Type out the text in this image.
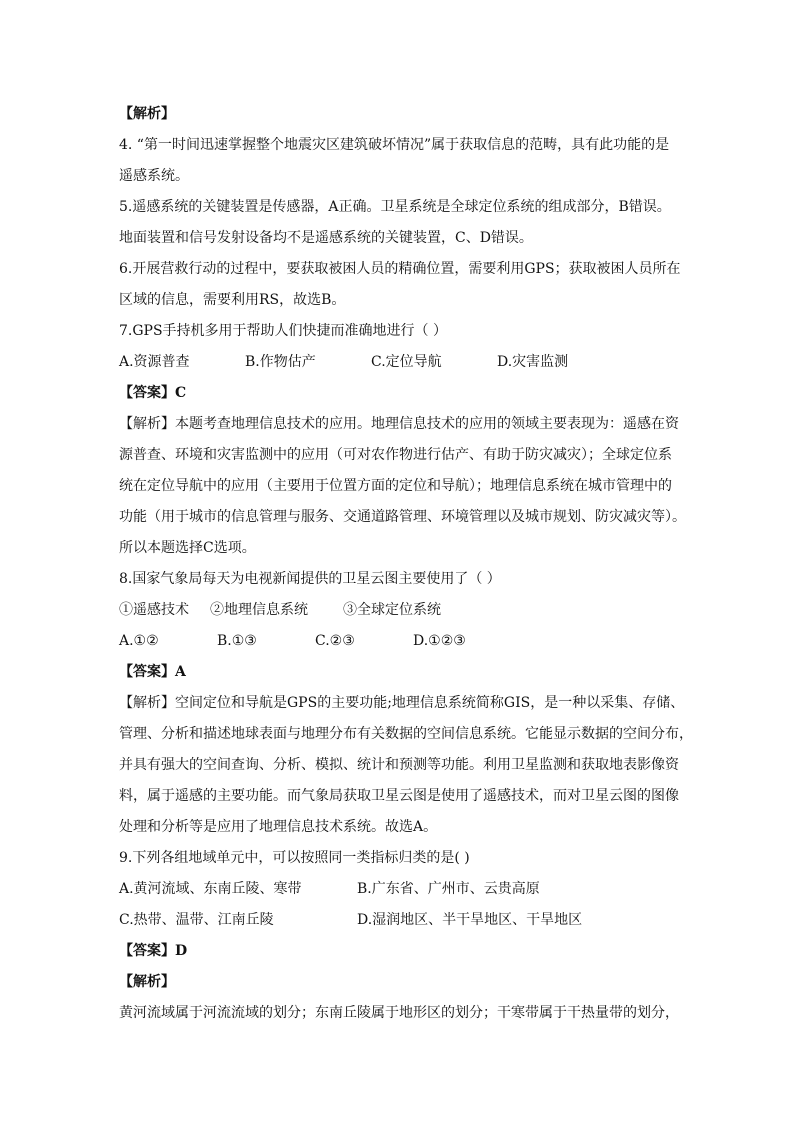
【解析】
4. “第一时间迅速掌握整个地震灾区建筑破坏情况”属于获取信息的范畴，具有此功能的是
遥感系统。
5.遥感系统的关键装置是传感器，A正确。卫星系统是全球定位系统的组成部分，B错误。
地面装置和信号发射设备均不是遥感系统的关键装置，C、D错误。
6.开展营救行动的过程中，要获取被困人员的精确位置，需要利用GPS；获取被困人员所在
区域的信息，需要利用RS，故选B。
7.GPS手持机多用于帮助人们快捷而准确地进行（ ）
A.资源普查	B.作物估产	C.定位导航	D.灾害监测
【答案】C
【解析】本题考查地理信息技术的应用。地理信息技术的应用的领域主要表现为：遥感在资
源普查、环境和灾害监测中的应用（可对农作物进行估产、有助于防灾减灾）；全球定位系
统在定位导航中的应用（主要用于位置方面的定位和导航）；地理信息系统在城市管理中的
功能（用于城市的信息管理与服务、交通道路管理、环境管理以及城市规划、防灾减灾等）。
所以本题选择C选项。
8.国家气象局每天为电视新闻提供的卫星云图主要使用了（ ）
①遥感技术 ②地理信息系统	③全球定位系统
A.①②	B.①③	C.②③	D.①②③
【答案】A
【解析】空间定位和导航是GPS的主要功能;地理信息系统简称GIS，是一种以采集、存储、
管理、分析和描述地球表面与地理分布有关数据的空间信息系统。它能显示数据的空间分布，
并具有强大的空间查询、分析、模拟、统计和预测等功能。利用卫星监测和获取地表影像资
料，属于遥感的主要功能。而气象局获取卫星云图是使用了遥感技术，而对卫星云图的图像
处理和分析等是应用了地理信息技术系统。故选A。
9.下列各组地域单元中，可以按照同一类指标归类的是( )
A.黄河流域、东南丘陵、寒带	B.广东省、广州市、云贵高原
C.热带、温带、江南丘陵	D.湿润地区、半干旱地区、干旱地区
【答案】D
【解析】
黄河流域属于河流流域的划分；东南丘陵属于地形区的划分；干寒带属于干热量带的划分，
